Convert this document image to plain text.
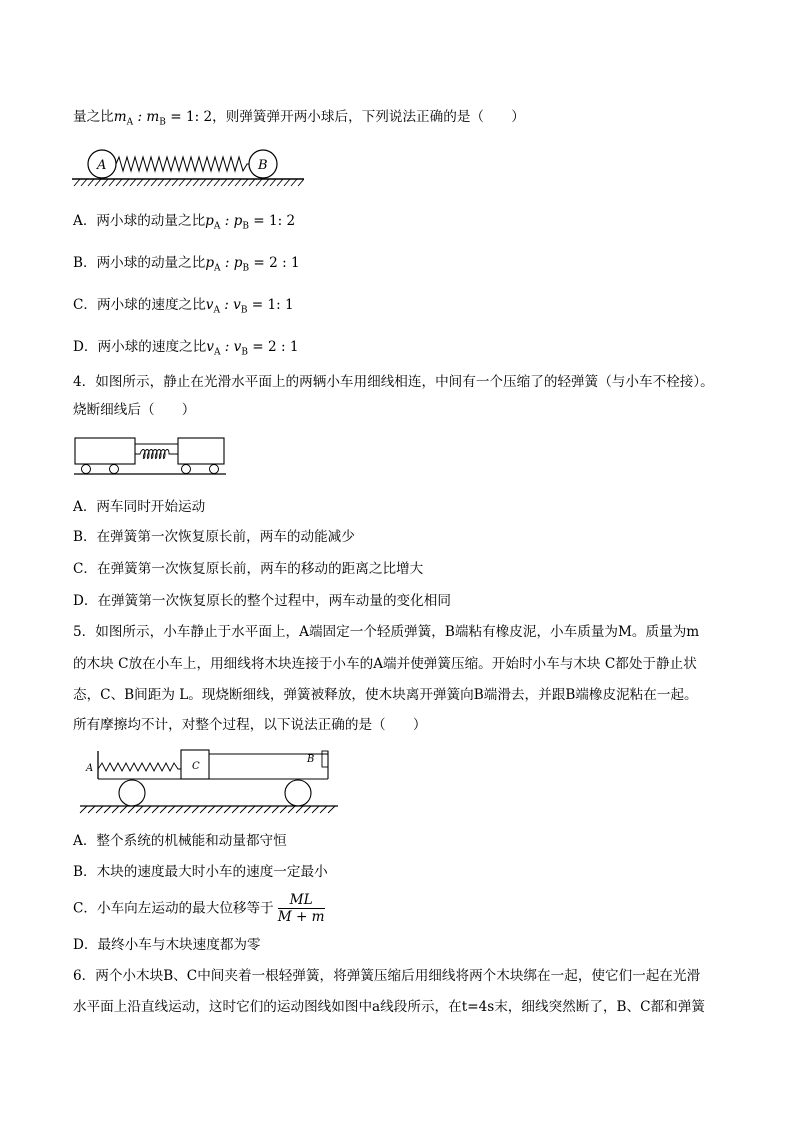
量之比$m_A$ : $m_B = 1$: 2，则弹簧弹开两小球后，下列说法正确的是（　　）
A	B
A．两小球的动量之比$p_A$ : $p_B = 1$: 2
B．两小球的动量之比$p_A$ : $p_B = 2$ : 1
C．两小球的速度之比$v_A$ : $v_B = 1$: 1
D．两小球的速度之比$v_A$ : $v_B = 2$ : 1
4．如图所示，静止在光滑水平面上的两辆小车用细线相连，中间有一个压缩了的轻弹簧（与小车不栓接）。
烧断细线后（　　）
A．两车同时开始运动
B．在弹簧第一次恢复原长前，两车的动能减少
C．在弹簧第一次恢复原长前，两车的移动的距离之比增大
D．在弹簧第一次恢复原长的整个过程中，两车动量的变化相同
5．如图所示，小车静止于水平面上，A端固定一个轻质弹簧，B端粘有橡皮泥，小车质量为M。质量为m
的木块 C放在小车上，用细线将木块连接于小车的A端并使弹簧压缩。开始时小车与木块 C都处于静止状
态，C、B间距为 L。现烧断细线，弹簧被释放，使木块离开弹簧向B端滑去，并跟B端橡皮泥粘在一起。
所有摩擦均不计，对整个过程，以下说法正确的是（　　）
A	C
B
A．整个系统的机械能和动量都守恒
B．木块的速度最大时小车的速度一定最小
C．小车向左运动的最大位移等于 $\frac{ML}{M + m}$
D．最终小车与木块速度都为零
6．两个小木块B、C中间夹着一根轻弹簧，将弹簧压缩后用细线将两个木块绑在一起，使它们一起在光滑
水平面上沿直线运动，这时它们的运动图线如图中a线段所示，在t=4s末，细线突然断了，B、C都和弹簧
